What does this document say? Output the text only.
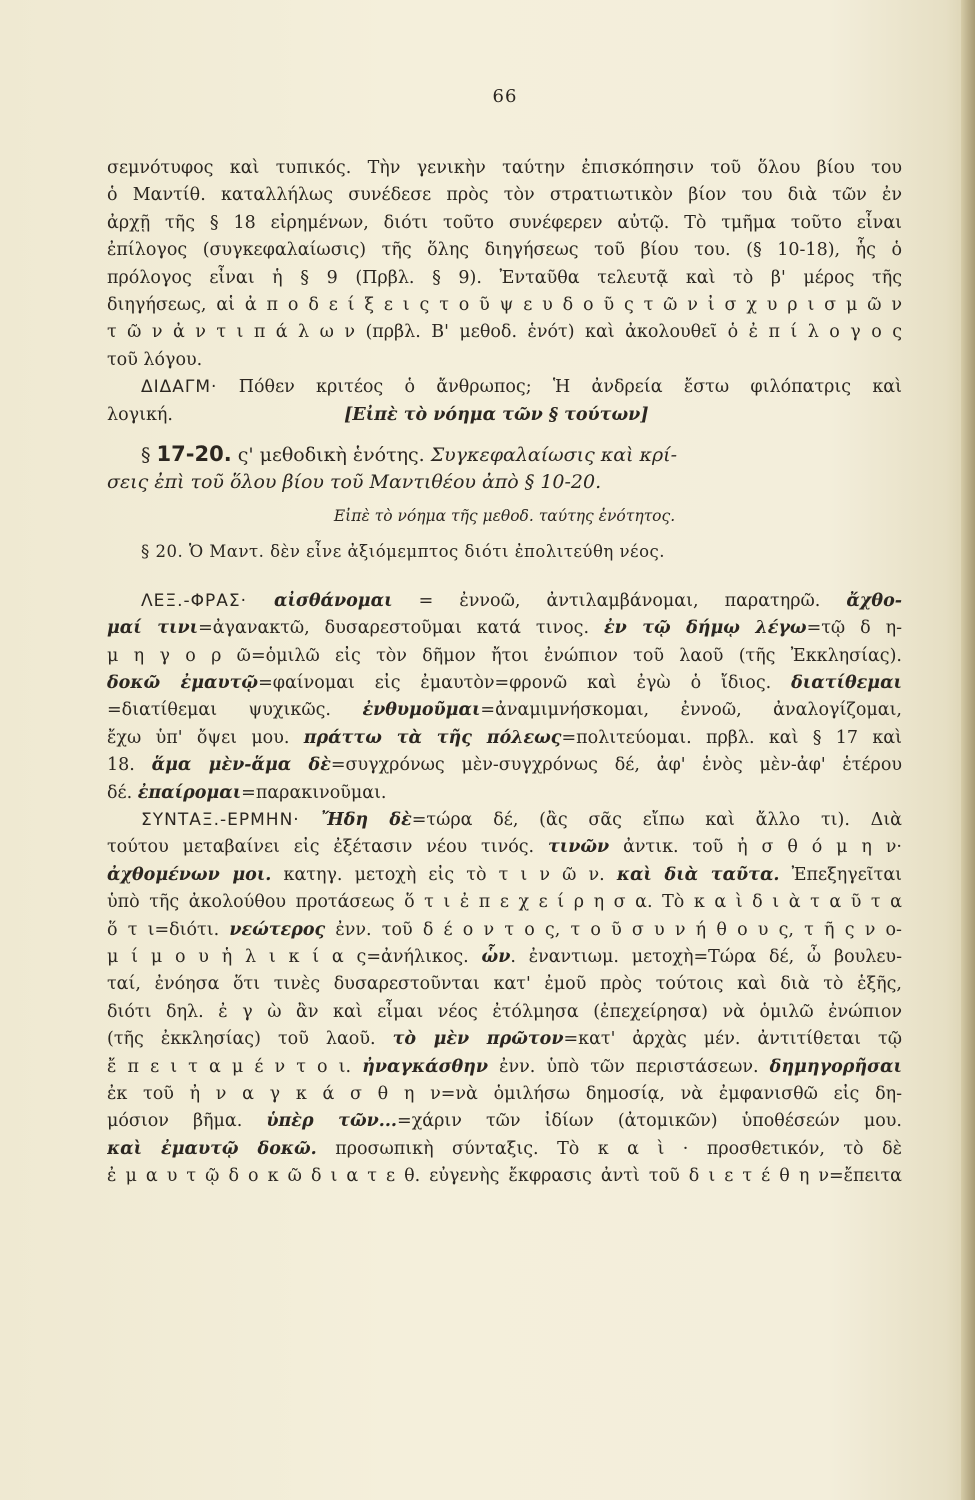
66
σεμνότυφος καὶ τυπικός. Τὴν γενικὴν ταύτην ἐπισκόπησιν τοῦ ὅλου βίου του
ὁ Μαντίθ. καταλλήλως συνέδεσε πρὸς τὸν στρατιωτικὸν βίον του διὰ τῶν ἐν
ἀρχῇ τῆς § 18 εἰρημένων, διότι τοῦτο συνέφερεν αὐτῷ. Τὸ τμῆμα τοῦτο εἶναι
ἐπίλογος (συγκεφαλαίωσις) τῆς ὅλης διηγήσεως τοῦ βίου του. (§ 10-18), ἧς ὁ
πρόλογος εἶναι ἡ § 9 (Πρβλ. § 9). Ἐνταῦθα τελευτᾷ καὶ τὸ β' μέρος τῆς
διηγήσεως, αἱ ἀ π ο δ ε ί ξ ε ι ς τ ο ῦ ψ ε υ δ ο ῦ ς τ ῶ ν ἰ σ χ υ ρ ι σ μ ῶ ν
τ ῶ ν ἀ ν τ ι π ά λ ω ν (πρβλ. Β' μεθοδ. ἑνότ) καὶ ἀκολουθεῖ ὁ ἐ π ί λ ο γ ο ς
τοῦ λόγου.
ΔΙΔΑΓΜ· Πόθεν κριτέος ὁ ἄνθρωπος; Ἡ ἀνδρεία ἔστω φιλόπατρις καὶ
λογική.	[Εἰπὲ τὸ νόημα τῶν § τούτων]
§ 17-20. ς' μεθοδικὴ ἑνότης. Συγκεφαλαίωσις καὶ κρί-
σεις ἐπὶ τοῦ ὅλου βίου τοῦ Μαντιθέου ἀπὸ § 10-20.
Εἰπὲ τὸ νόημα τῆς μεθοδ. ταύτης ἑνότητος.
§ 20. Ὁ Μαντ. δὲν εἶνε ἀξιόμεμπτος διότι ἐπολιτεύθη νέος.
ΛΕΞ.-ΦΡΑΣ· αἰσθάνομαι = ἐννοῶ, ἀντιλαμβάνομαι, παρατηρῶ. ἄχθο-
μαί τινι=ἀγανακτῶ, δυσαρεστοῦμαι κατά τινος. ἐν τῷ δήμῳ λέγω=τῷ δ η-
μ η γ ο ρ ῶ=ὁμιλῶ εἰς τὸν δῆμον ἤτοι ἐνώπιον τοῦ λαοῦ (τῆς Ἐκκλησίας).
δοκῶ ἐμαυτῷ=φαίνομαι εἰς ἐμαυτὸν=φρονῶ καὶ ἐγὼ ὁ ἴδιος. διατίθεμαι
=διατίθεμαι ψυχικῶς. ἐνθυμοῦμαι=ἀναμιμνήσκομαι, ἐννοῶ, ἀναλογίζομαι,
ἔχω ὑπ' ὄψει μου. πράττω τὰ τῆς πόλεως=πολιτεύομαι. πρβλ. καὶ § 17 καὶ
18. ἅμα μὲν-ἅμα δὲ=συγχρόνως μὲν-συγχρόνως δέ, ἀφ' ἑνὸς μὲν-ἀφ' ἑτέρου
δέ. ἐπαίρομαι=παρακινοῦμαι.
ΣΥΝΤΑΞ.-ΕΡΜΗΝ· Ἤδη δὲ=τώρα δέ, (ἂς σᾶς εἴπω καὶ ἄλλο τι). Διὰ
τούτου μεταβαίνει εἰς ἐξέτασιν νέου τινός. τινῶν ἀντικ. τοῦ ἠ σ θ ό μ η ν·
ἀχθομένων μοι. κατηγ. μετοχὴ εἰς τὸ τ ι ν ῶ ν. καὶ διὰ ταῦτα. Ἐπεξηγεῖται
ὑπὸ τῆς ἀκολούθου προτάσεως ὅ τ ι ἐ π ε χ ε ί ρ η σ α. Τὸ κ α ὶ δ ι ὰ τ α ῦ τ α
ὅ τ ι=διότι. νεώτερος ἐνν. τοῦ δ έ ο ν τ ο ς, τ ο ῦ σ υ ν ή θ ο υ ς, τ ῆ ς ν ο-
μ ί μ ο υ ἡ λ ι κ ί α ς=ἀνήλικος. ὧν. ἐναντιωμ. μετοχὴ=Τώρα δέ, ὦ βουλευ-
ταί, ἐνόησα ὅτι τινὲς δυσαρεστοῦνται κατ' ἐμοῦ πρὸς τούτοις καὶ διὰ τὸ ἑξῆς,
διότι δηλ. ἐ γ ὼ ἂν καὶ εἶμαι νέος ἐτόλμησα (ἐπεχείρησα) νὰ ὁμιλῶ ἐνώπιον
(τῆς ἐκκλησίας) τοῦ λαοῦ. τὸ μὲν πρῶτον=κατ' ἀρχὰς μέν. ἀντιτίθεται τῷ
ἔ π ε ι τ α μ έ ν τ ο ι. ἠναγκάσθην ἐνν. ὑπὸ τῶν περιστάσεων. δημηγορῆσαι
ἐκ τοῦ ἠ ν α γ κ ά σ θ η ν=νὰ ὁμιλήσω δημοσίᾳ, νὰ ἐμφανισθῶ εἰς δη-
μόσιον βῆμα. ὑπὲρ τῶν...=χάριν τῶν ἰδίων (ἀτομικῶν) ὑποθέσεών μου.
καὶ ἐμαυτῷ δοκῶ. προσωπικὴ σύνταξις. Τὸ κ α ὶ · προσθετικόν, τὸ δὲ
ἐ μ α υ τ ῷ δ ο κ ῶ δ ι α τ ε θ. εὐγενὴς ἔκφρασις ἀντὶ τοῦ δ ι ε τ έ θ η ν=ἔπειτα
